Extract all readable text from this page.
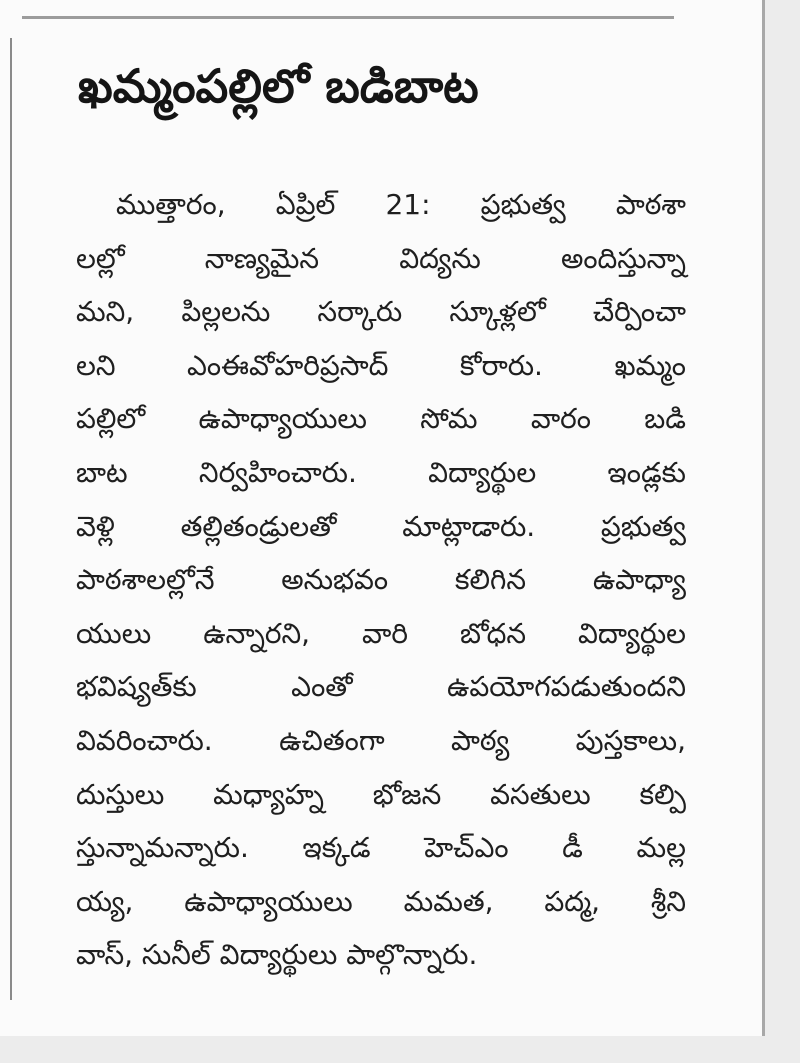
ఖమ్మంపల్లిలో బడిబాట
ముత్తారం, ఏప్రిల్ 21: ప్రభుత్వ పాఠశా
లల్లో నాణ్యమైన విద్యను అందిస్తున్నా
మని, పిల్లలను సర్కారు స్కూళ్లలో చేర్పించా
లని ఎంఈవోహరిప్రసాద్ కోరారు. ఖమ్మం
పల్లిలో ఉపాధ్యాయులు సోమ వారం బడి
బాట నిర్వహించారు. విద్యార్థుల ఇండ్లకు
వెళ్లి తల్లితండ్రులతో మాట్లాడారు. ప్రభుత్వ
పాఠశాలల్లోనే అనుభవం కలిగిన ఉపాధ్యా
యులు ఉన్నారని, వారి బోధన విద్యార్థుల
భవిష్యత్‌కు ఎంతో ఉపయోగపడుతుందని
వివరించారు. ఉచితంగా పాఠ్య పుస్తకాలు,
దుస్తులు మధ్యాహ్న భోజన వసతులు కల్పి
స్తున్నామన్నారు. ఇక్కడ హెచ్ఎం డీ మల్ల
య్య, ఉపాధ్యాయులు మమత, పద్మ, శ్రీని
వాస్, సునీల్ విద్యార్థులు పాల్గొన్నారు.
